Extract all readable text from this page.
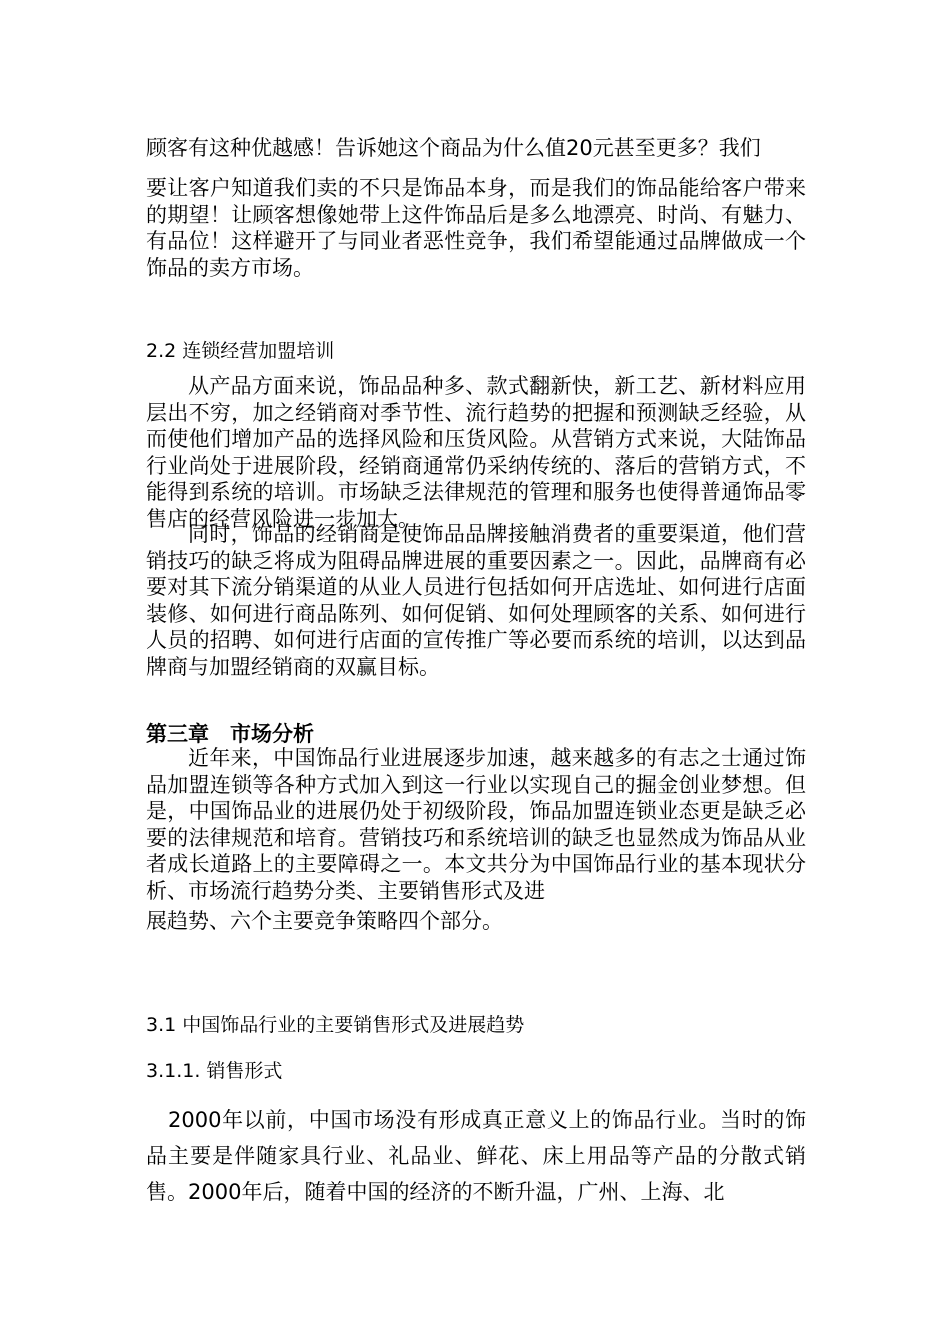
顾客有这种优越感！告诉她这个商品为什么值20元甚至更多？我们

要让客户知道我们卖的不只是饰品本身，而是我们的饰品能给客户带来的期望！让顾客想像她带上这件饰品后是多么地漂亮、时尚、有魅力、有品位！这样避开了与同业者恶性竞争，我们希望能通过品牌做成一个饰品的卖方市场。

2.2 连锁经营加盟培训

从产品方面来说，饰品品种多、款式翻新快，新工艺、新材料应用层出不穷，加之经销商对季节性、流行趋势的把握和预测缺乏经验，从而使他们增加产品的选择风险和压货风险。从营销方式来说，大陆饰品行业尚处于进展阶段，经销商通常仍采纳传统的、落后的营销方式，不能得到系统的培训。市场缺乏法律规范的管理和服务也使得普通饰品零售店的经营风险进一步加大。

同时，饰品的经销商是使饰品品牌接触消费者的重要渠道，他们营销技巧的缺乏将成为阻碍品牌进展的重要因素之一。因此，品牌商有必要对其下流分销渠道的从业人员进行包括如何开店选址、如何进行店面装修、如何进行商品陈列、如何促销、如何处理顾客的关系、如何进行人员的招聘、如何进行店面的宣传推广等必要而系统的培训，以达到品牌商与加盟经销商的双赢目标。

第三章 市场分析

近年来，中国饰品行业进展逐步加速，越来越多的有志之士通过饰品加盟连锁等各种方式加入到这一行业以实现自己的掘金创业梦想。但是，中国饰品业的进展仍处于初级阶段，饰品加盟连锁业态更是缺乏必要的法律规范和培育。营销技巧和系统培训的缺乏也显然成为饰品从业者成长道路上的主要障碍之一。本文共分为中国饰品行业的基本现状分析、市场流行趋势分类、主要销售形式及进

展趋势、六个主要竞争策略四个部分。

3.1 中国饰品行业的主要销售形式及进展趋势

3.1.1. 销售形式

2000年以前，中国市场没有形成真正意义上的饰品行业。当时的饰品主要是伴随家具行业、礼品业、鲜花、床上用品等产品的分散式销售。2000年后，随着中国的经济的不断升温，广州、上海、北
